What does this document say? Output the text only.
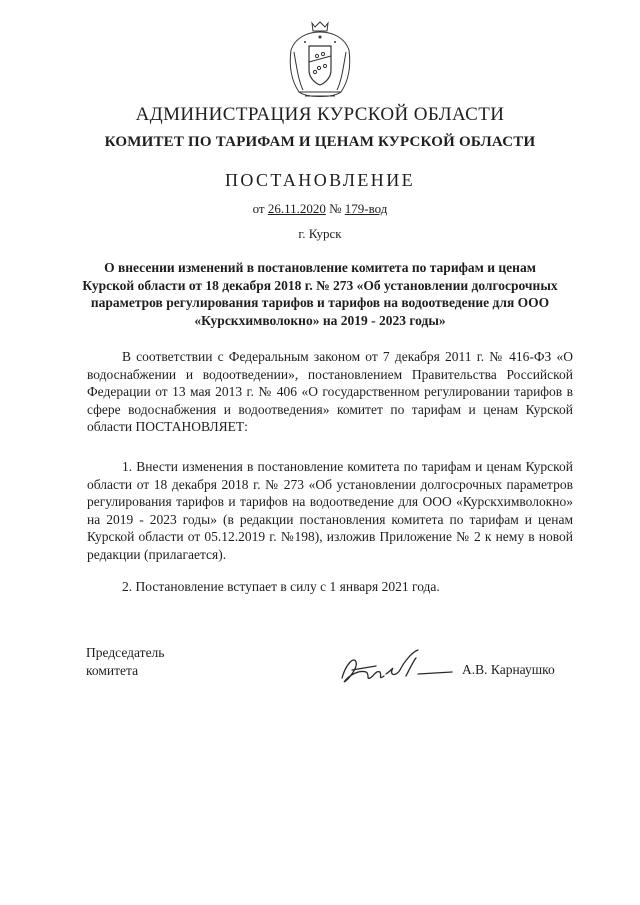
АДМИНИСТРАЦИЯ КУРСКОЙ ОБЛАСТИ
КОМИТЕТ ПО ТАРИФАМ И ЦЕНАМ КУРСКОЙ ОБЛАСТИ
ПОСТАНОВЛЕНИЕ
от 26.11.2020 № 179-вод
г. Курск
О внесении изменений в постановление комитета по тарифам и ценам Курской области от 18 декабря 2018 г. № 273 «Об установлении долгосрочных параметров регулирования тарифов и тарифов на водоотведение для ООО «Курскхимволокно» на 2019 - 2023 годы»
В соответствии с Федеральным законом от 7 декабря 2011 г. № 416-ФЗ «О водоснабжении и водоотведении», постановлением Правительства Российской Федерации от 13 мая 2013 г. № 406 «О государственном регулировании тарифов в сфере водоснабжения и водоотведения» комитет по тарифам и ценам Курской области ПОСТАНОВЛЯЕТ:
1. Внести изменения в постановление комитета по тарифам и ценам Курской области от 18 декабря 2018 г. № 273 «Об установлении долгосрочных параметров регулирования тарифов и тарифов на водоотведение для ООО «Курскхимволокно» на 2019 - 2023 годы» (в редакции постановления комитета по тарифам и ценам Курской области от 05.12.2019 г. №198), изложив Приложение № 2 к нему в новой редакции (прилагается).
2. Постановление вступает в силу с 1 января 2021 года.
Председатель
комитета	А.В. Карнаушко
